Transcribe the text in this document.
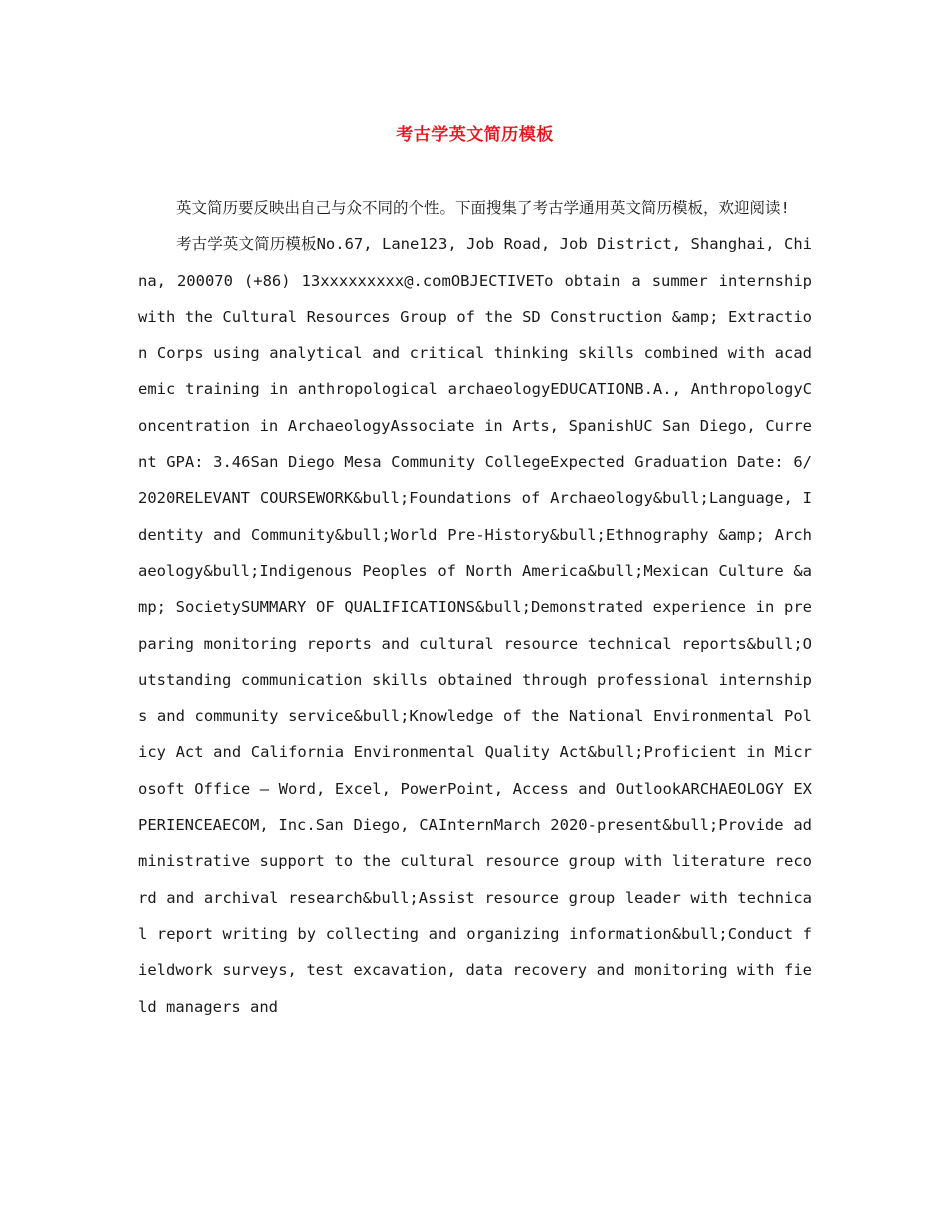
考古学英文简历模板

英文简历要反映出自己与众不同的个性。下面搜集了考古学通用英文简历模板，欢迎阅读!

考古学英文简历模板No.67, Lane123, Job Road, Job District, Shanghai, China, 200070 (+86) 13xxxxxxxxx@.comOBJECTIVETo obtain a summer internship with the Cultural Resources Group of the SD Construction &amp; Extraction Corps using analytical and critical thinking skills combined with academic training in anthropological archaeologyEDUCATIONB.A., AnthropologyConcentration in ArchaeologyAssociate in Arts, SpanishUC San Diego, Current GPA: 3.46San Diego Mesa Community CollegeExpected Graduation Date: 6/2020RELEVANT COURSEWORK&bull;Foundations of Archaeology&bull;Language, Identity and Community&bull;World Pre-History&bull;Ethnography &amp; Archaeology&bull;Indigenous Peoples of North America&bull;Mexican Culture &amp; SocietySUMMARY OF QUALIFICATIONS&bull;Demonstrated experience in preparing monitoring reports and cultural resource technical reports&bull;Outstanding communication skills obtained through professional internships and community service&bull;Knowledge of the National Environmental Policy Act and California Environmental Quality Act&bull;Proficient in Microsoft Office – Word, Excel, PowerPoint, Access and OutlookARCHAEOLOGY EXPERIENCEAECOM, Inc.San Diego, CAInternMarch 2020-present&bull;Provide administrative support to the cultural resource group with literature record and archival research&bull;Assist resource group leader with technical report writing by collecting and organizing information&bull;Conduct fieldwork surveys, test excavation, data recovery and monitoring with field managers and
